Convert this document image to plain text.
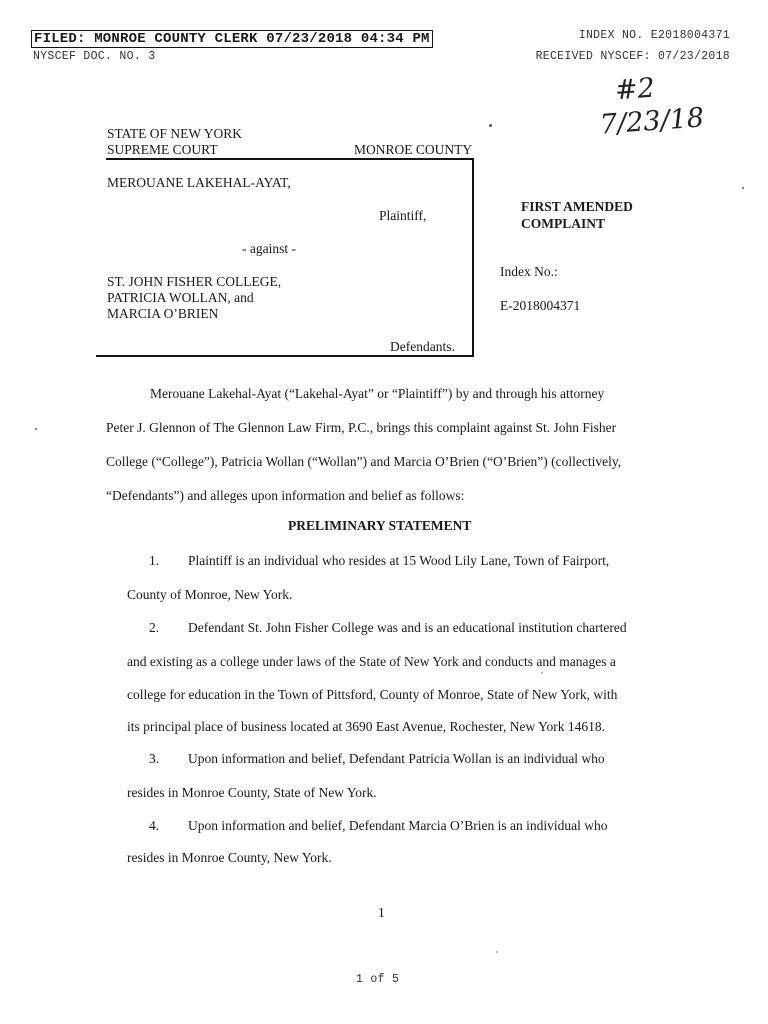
FILED: MONROE COUNTY CLERK 07/23/2018 04:34 PM
NYSCEF DOC. NO. 3
INDEX NO. E2018004371
RECEIVED NYSCEF: 07/23/2018
#2
7/23/18
STATE OF NEW YORK
SUPREME COURT	MONROE COUNTY
MEROUANE LAKEHAL-AYAT,
Plaintiff,
- against -
ST. JOHN FISHER COLLEGE,
PATRICIA WOLLAN, and
MARCIA O’BRIEN
Defendants.
FIRST AMENDED
COMPLAINT
Index No.:
E-2018004371
Merouane Lakehal-Ayat (“Lakehal-Ayat” or “Plaintiff”) by and through his attorney
Peter J. Glennon of The Glennon Law Firm, P.C., brings this complaint against St. John Fisher
College (“College”), Patricia Wollan (“Wollan”) and Marcia O’Brien (“O’Brien”) (collectively,
“Defendants”) and alleges upon information and belief as follows:
PRELIMINARY STATEMENT
1. Plaintiff is an individual who resides at 15 Wood Lily Lane, Town of Fairport,
County of Monroe, New York.
2. Defendant St. John Fisher College was and is an educational institution chartered
and existing as a college under laws of the State of New York and conducts and manages a
college for education in the Town of Pittsford, County of Monroe, State of New York, with
its principal place of business located at 3690 East Avenue, Rochester, New York 14618.
3. Upon information and belief, Defendant Patricia Wollan is an individual who
resides in Monroe County, State of New York.
4. Upon information and belief, Defendant Marcia O’Brien is an individual who
resides in Monroe County, New York.
1
1 of 5
